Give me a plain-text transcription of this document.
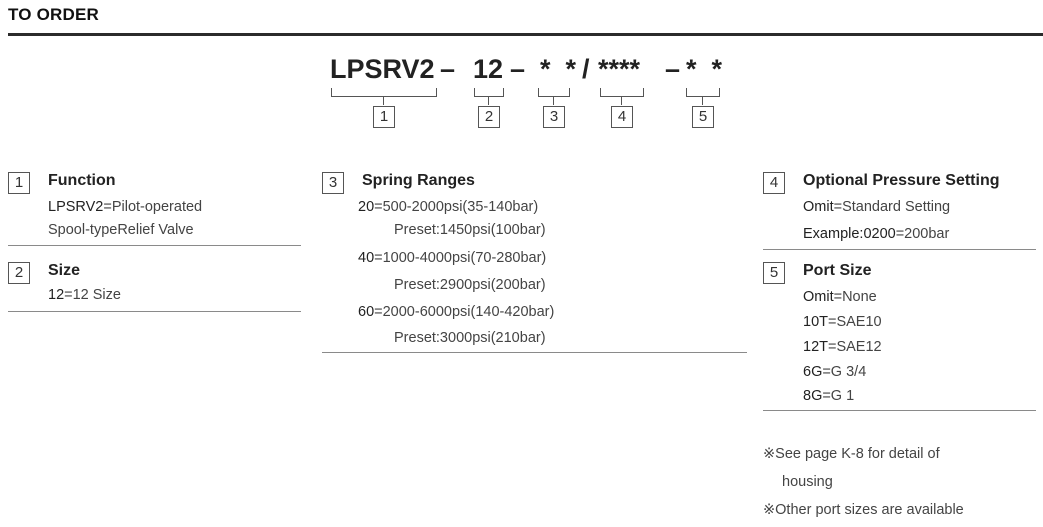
TO ORDER
LPSRV2 – 12 – *  * / **** – *  *
1	2	3	4	5
1	Function
LPSRV2=Pilot-operated
Spool-typeRelief Valve
2	Size
12=12 Size
3	Spring Ranges
20=500-2000psi(35-140bar)
Preset:1450psi(100bar)
40=1000-4000psi(70-280bar)
Preset:2900psi(200bar)
60=2000-6000psi(140-420bar)
Preset:3000psi(210bar)
4	Optional Pressure Setting
Omit=Standard Setting
Example:0200=200bar
5	Port Size
Omit=None
10T=SAE10
12T=SAE12
6G=G 3/4
8G=G 1
※See page K-8 for detail of
housing
※Other port sizes are available
